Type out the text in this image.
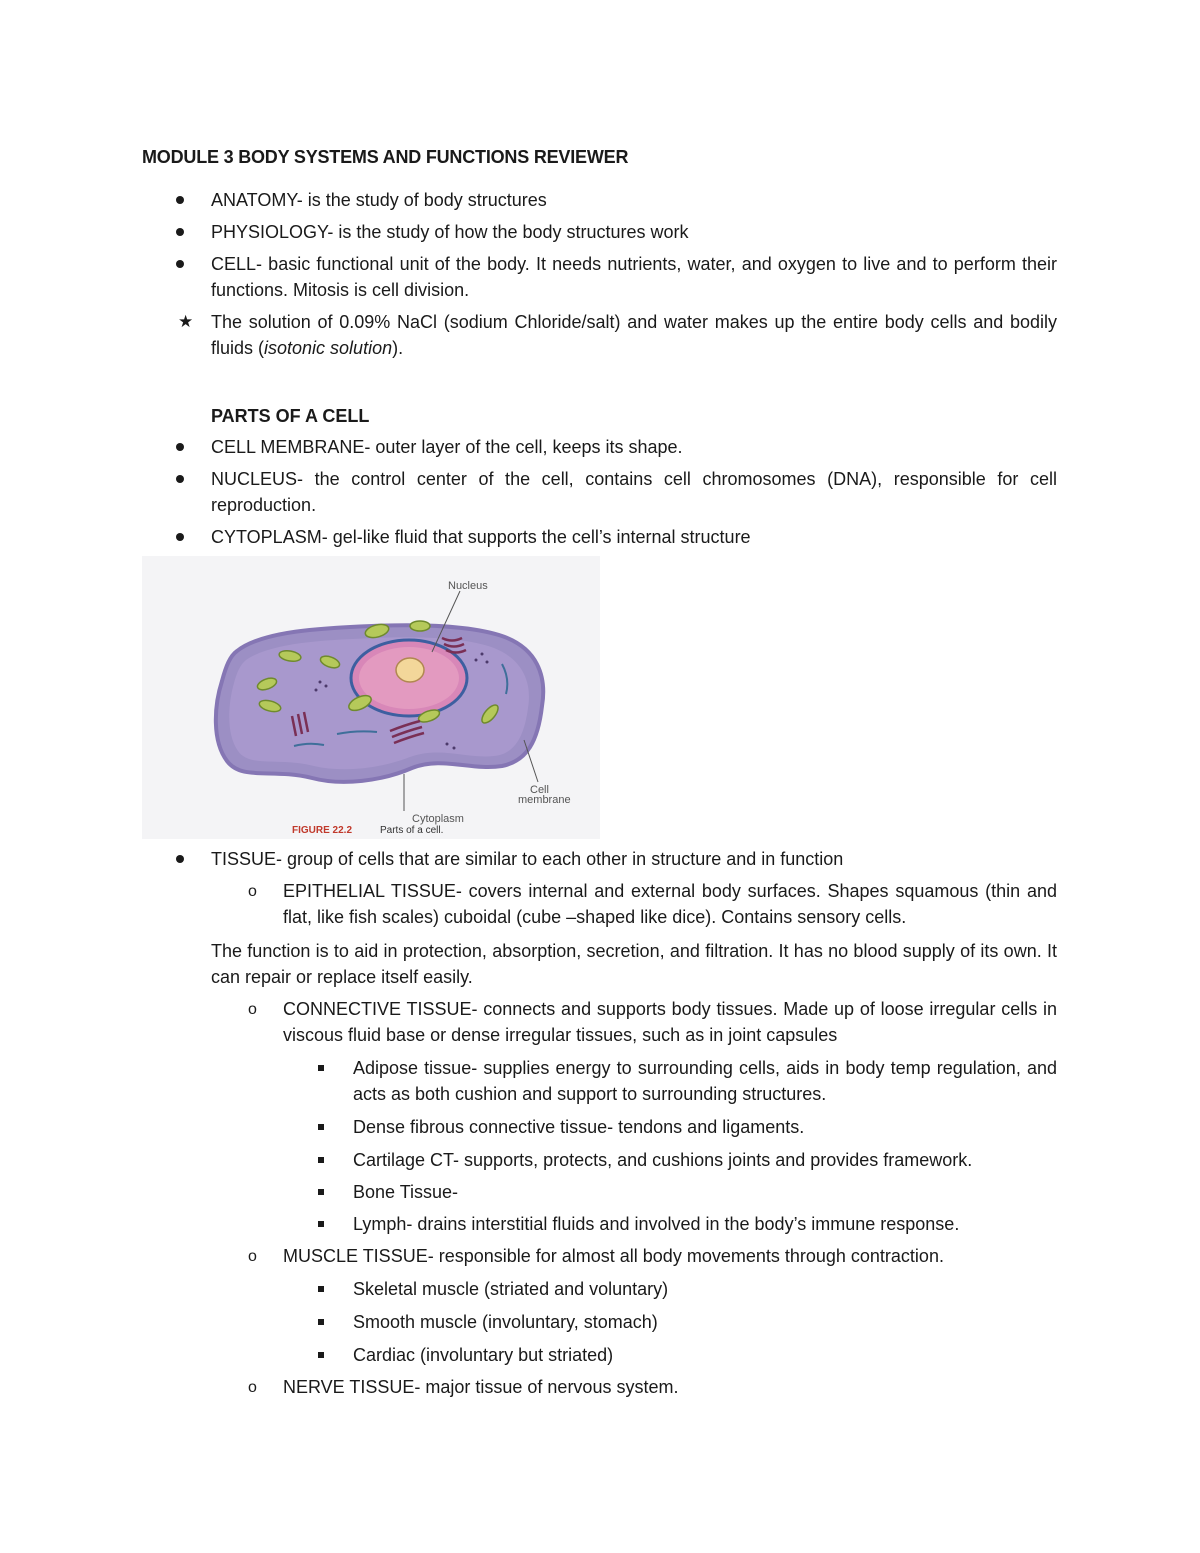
MODULE 3 BODY SYSTEMS AND FUNCTIONS REVIEWER
ANATOMY- is the study of body structures
PHYSIOLOGY- is the study of how the body structures work
CELL- basic functional unit of the body. It needs nutrients, water, and oxygen to live and to perform their functions. Mitosis is cell division.
★ The solution of 0.09% NaCl (sodium Chloride/salt) and water makes up the entire body cells and bodily fluids (isotonic solution).
PARTS OF A CELL
CELL MEMBRANE- outer layer of the cell, keeps its shape.
NUCLEUS- the control center of the cell, contains cell chromosomes (DNA), responsible for cell reproduction.
CYTOPLASM- gel-like fluid that supports the cell’s internal structure
Nucleus
Cell
membrane
Cytoplasm
FIGURE 22.2	Parts of a cell.
TISSUE- group of cells that are similar to each other in structure and in function
o EPITHELIAL TISSUE- covers internal and external body surfaces. Shapes squamous (thin and flat, like fish scales) cuboidal (cube –shaped like dice). Contains sensory cells.
The function is to aid in protection, absorption, secretion, and filtration. It has no blood supply of its own. It can repair or replace itself easily.
o CONNECTIVE TISSUE- connects and supports body tissues. Made up of loose irregular cells in viscous fluid base or dense irregular tissues, such as in joint capsules
Adipose tissue- supplies energy to surrounding cells, aids in body temp regulation, and acts as both cushion and support to surrounding structures.
Dense fibrous connective tissue- tendons and ligaments.
Cartilage CT- supports, protects, and cushions joints and provides framework.
Bone Tissue-
Lymph- drains interstitial fluids and involved in the body’s immune response.
o MUSCLE TISSUE- responsible for almost all body movements through contraction.
Skeletal muscle (striated and voluntary)
Smooth muscle (involuntary, stomach)
Cardiac (involuntary but striated)
o NERVE TISSUE- major tissue of nervous system.
